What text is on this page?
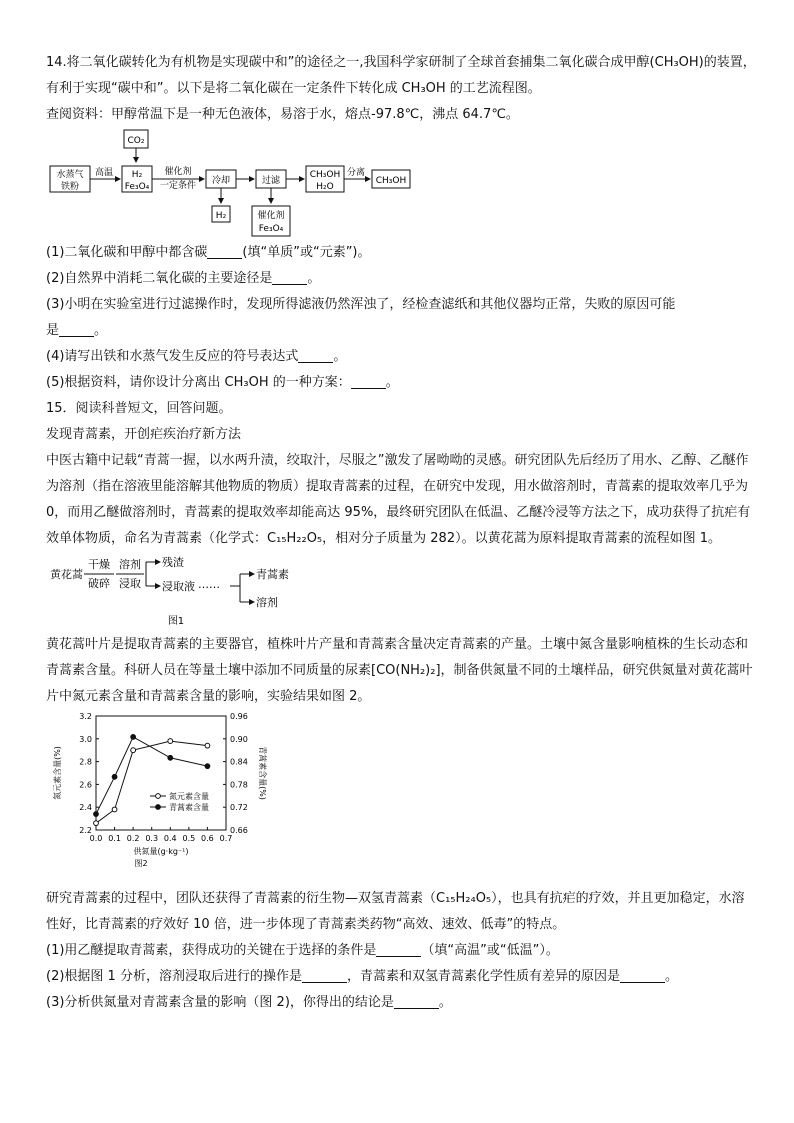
14.将二氧化碳转化为有机物是实现碳中和”的途径之一,我国科学家研制了全球首套捕集二氧化碳合成甲醇(CH₃OH)的装置，有利于实现“碳中和”。以下是将二氧化碳在一定条件下转化成 CH₃OH 的工艺流程图。

查阅资料：甲醇常温下是一种无色液体，易溶于水，熔点-97.8℃，沸点 64.7℃。

CO₂
水蒸气
铁粉
高温 H₂
Fe₃O₄
催化剂
一定条件 冷却
H₂
过滤
催化剂
Fe₃O₄
CH₃OH
H₂O
分离
CH₃OH

(1)二氧化碳和甲醇中都含碳	(填“单质”或“元素”)。

(2)自然界中消耗二氧化碳的主要途径是	。

(3)小明在实验室进行过滤操作时，发现所得滤液仍然浑浊了，经检查滤纸和其他仪器均正常，失败的原因可能

是	。

(4)请写出铁和水蒸气发生反应的符号表达式	。

(5)根据资料，请你设计分离出 CH₃OH 的一种方案：	。

15．阅读科普短文，回答问题。

发现青蒿素，开创疟疾治疗新方法

中医古籍中记载“青蒿一握，以水两升渍，绞取汁，尽服之”激发了屠呦呦的灵感。研究团队先后经历了用水、乙醇、乙醚作为溶剂（指在溶液里能溶解其他物质的物质）提取青蒿素的过程，在研究中发现，用水做溶剂时，青蒿素的提取效率几乎为 0，而用乙醚做溶剂时，青蒿素的提取效率却能高达 95%，最终研究团队在低温、乙醚冷浸等方法之下，成功获得了抗疟有效单体物质，命名为青蒿素（化学式：C₁₅H₂₂O₅，相对分子质量为 282）。以黄花蒿为原料提取青蒿素的流程如图 1。

黄花蒿
干燥
破碎
溶剂
浸取
残渣
浸取液 ……
青蒿素
溶剂
图1

黄花蒿叶片是提取青蒿素的主要器官，植株叶片产量和青蒿素含量决定青蒿素的产量。土壤中氮含量影响植株的生长动态和青蒿素含量。科研人员在等量土壤中添加不同质量的尿素[CO(NH₂)₂]，制备供氮量不同的土壤样品，研究供氮量对黄花蒿叶片中氮元素含量和青蒿素含量的影响，实验结果如图 2。

0.0 0.1 0.2 0.3 0.4 0.5 0.6 0.7
2.2
2.4
2.6
2.8
3.0
3.2
0.66
0.72
0.78
0.84
0.90
0.96
供氮量(g·kg⁻¹)
氮元素含量(%)	青蒿素含量(%)
氮元素含量
青蒿素含量
图2

研究青蒿素的过程中，团队还获得了青蒿素的衍生物—双氢青蒿素（C₁₅H₂₄O₅），也具有抗疟的疗效，并且更加稳定，水溶性好，比青蒿素的疗效好 10 倍，进一步体现了青蒿素类药物“高效、速效、低毒”的特点。

(1)用乙醚提取青蒿素，获得成功的关键在于选择的条件是	（填“高温”或“低温”）。

(2)根据图 1 分析，溶剂浸取后进行的操作是	，青蒿素和双氢青蒿素化学性质有差异的原因是	。

(3)分析供氮量对青蒿素含量的影响（图 2)，你得出的结论是	。
